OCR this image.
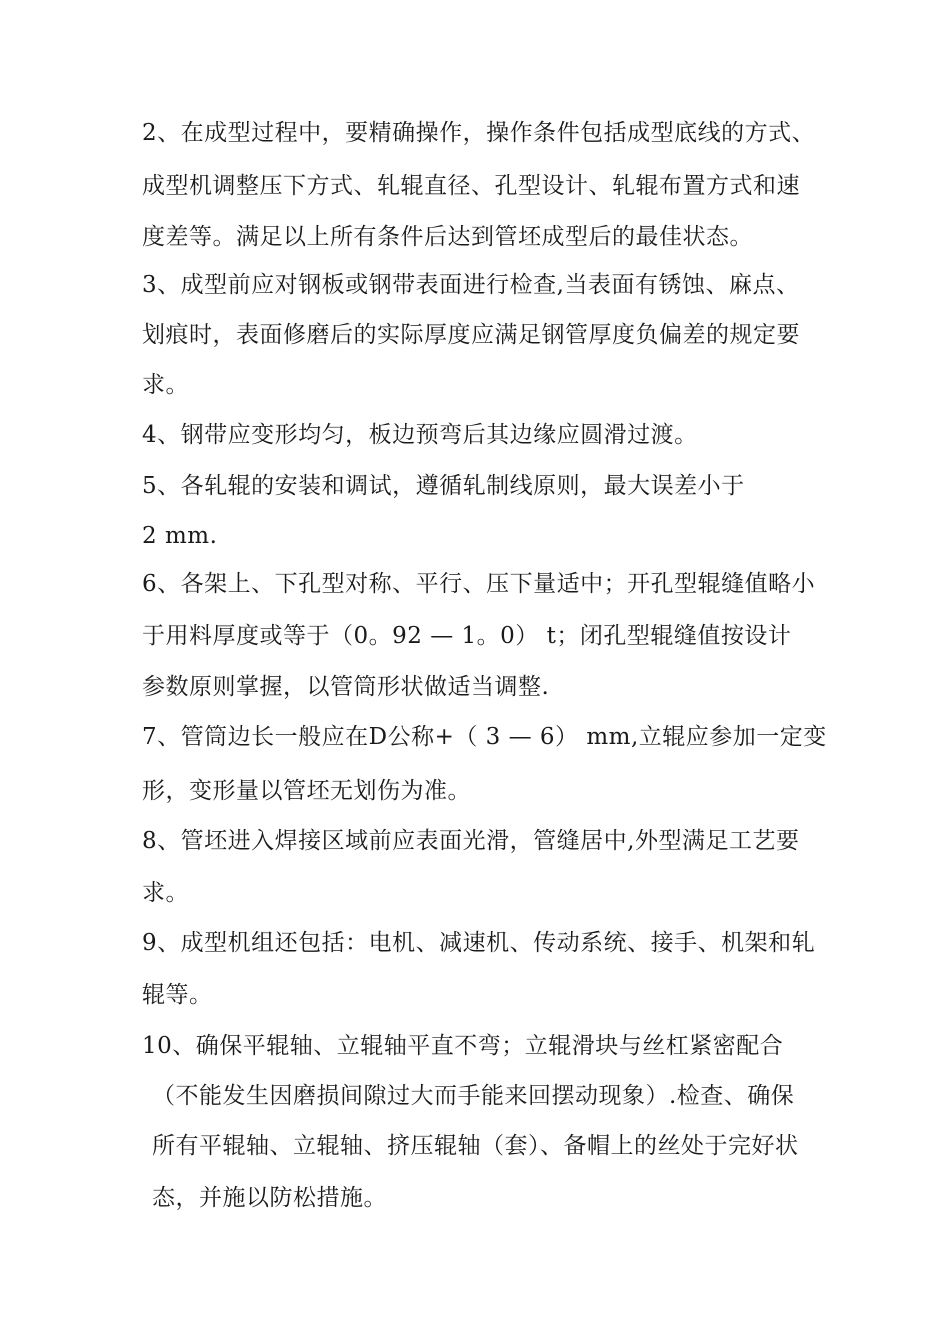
2、在成型过程中，要精确操作，操作条件包括成型底线的方式、
成型机调整压下方式、轧辊直径、孔型设计、轧辊布置方式和速
度差等。满足以上所有条件后达到管坯成型后的最佳状态。
3、成型前应对钢板或钢带表面进行检查,当表面有锈蚀、麻点、
划痕时，表面修磨后的实际厚度应满足钢管厚度负偏差的规定要
求。
4、钢带应变形均匀，板边预弯后其边缘应圆滑过渡。
5、各轧辊的安装和调试，遵循轧制线原则，最大误差小于
2 mm.
6、各架上、下孔型对称、平行、压下量适中；开孔型辊缝值略小
于用料厚度或等于（0。92 — 1。0） t；闭孔型辊缝值按设计
参数原则掌握，以管筒形状做适当调整.
7、管筒边长一般应在D公称+（ 3 — 6） mm,立辊应参加一定变
形，变形量以管坯无划伤为准。
8、管坯进入焊接区域前应表面光滑，管缝居中,外型满足工艺要
求。
9、成型机组还包括：电机、减速机、传动系统、接手、机架和轧
辊等。
10、确保平辊轴、立辊轴平直不弯；立辊滑块与丝杠紧密配合
（不能发生因磨损间隙过大而手能来回摆动现象）.检查、确保
所有平辊轴、立辊轴、挤压辊轴（套）、备帽上的丝处于完好状
态，并施以防松措施。
